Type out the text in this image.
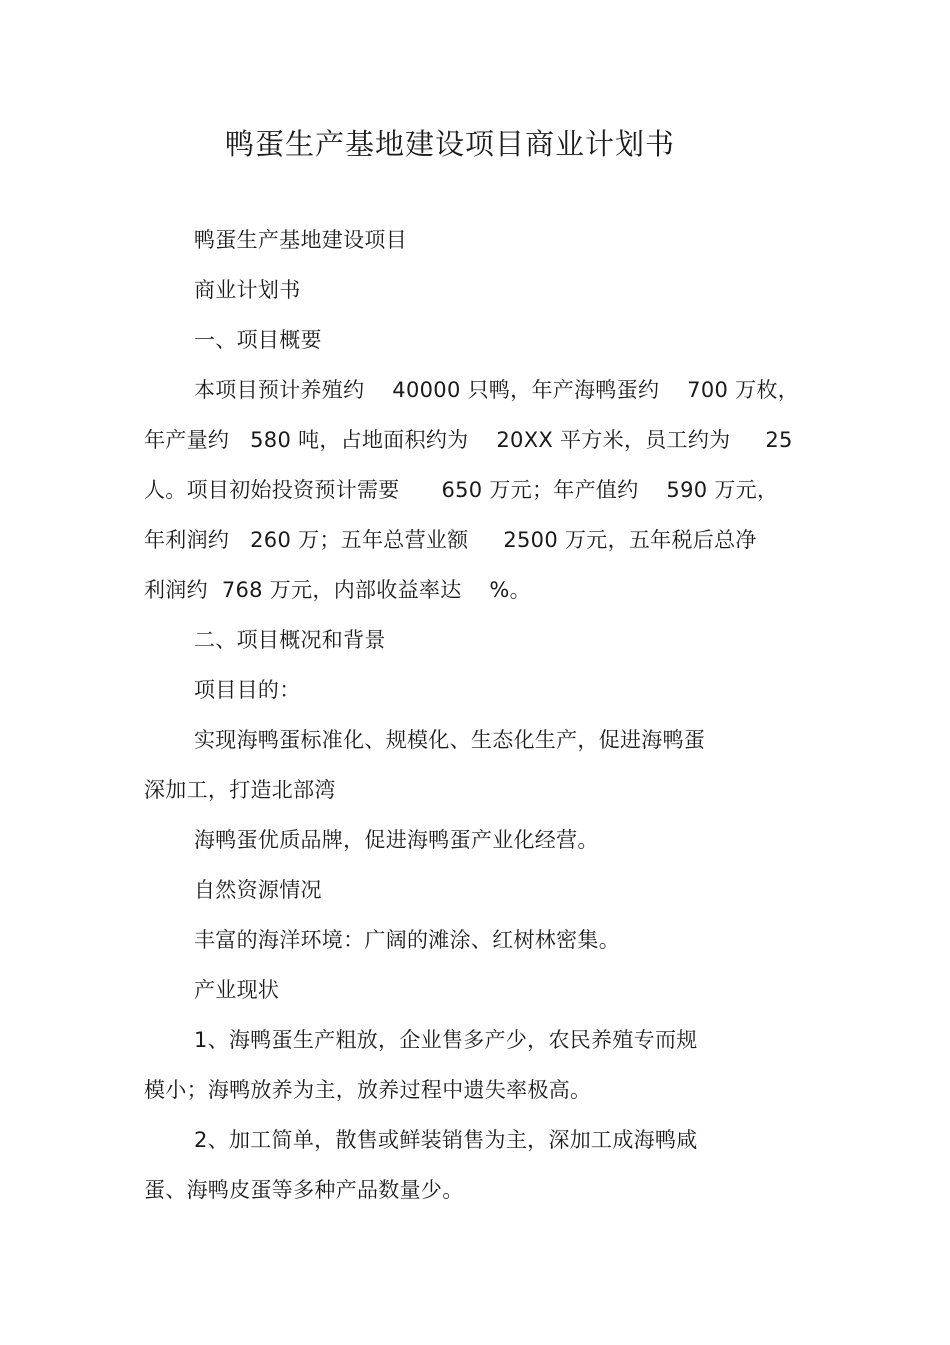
鸭蛋生产基地建设项目商业计划书
鸭蛋生产基地建设项目
商业计划书
一、项目概要
本项目预计养殖约    40000 只鸭，年产海鸭蛋约    700 万枚，
年产量约   580 吨，占地面积约为    20XX 平方米，员工约为     25
人。项目初始投资预计需要      650 万元；年产值约    590 万元，
年利润约   260 万；五年总营业额     2500 万元，五年税后总净
利润约  768 万元，内部收益率达    %。
二、项目概况和背景
项目目的：
实现海鸭蛋标准化、规模化、生态化生产，促进海鸭蛋
深加工，打造北部湾
海鸭蛋优质品牌，促进海鸭蛋产业化经营。
自然资源情况
丰富的海洋环境：广阔的滩涂、红树林密集。
产业现状
1、海鸭蛋生产粗放，企业售多产少，农民养殖专而规
模小；海鸭放养为主，放养过程中遗失率极高。
2、加工简单，散售或鲜装销售为主，深加工成海鸭咸
蛋、海鸭皮蛋等多种产品数量少。
